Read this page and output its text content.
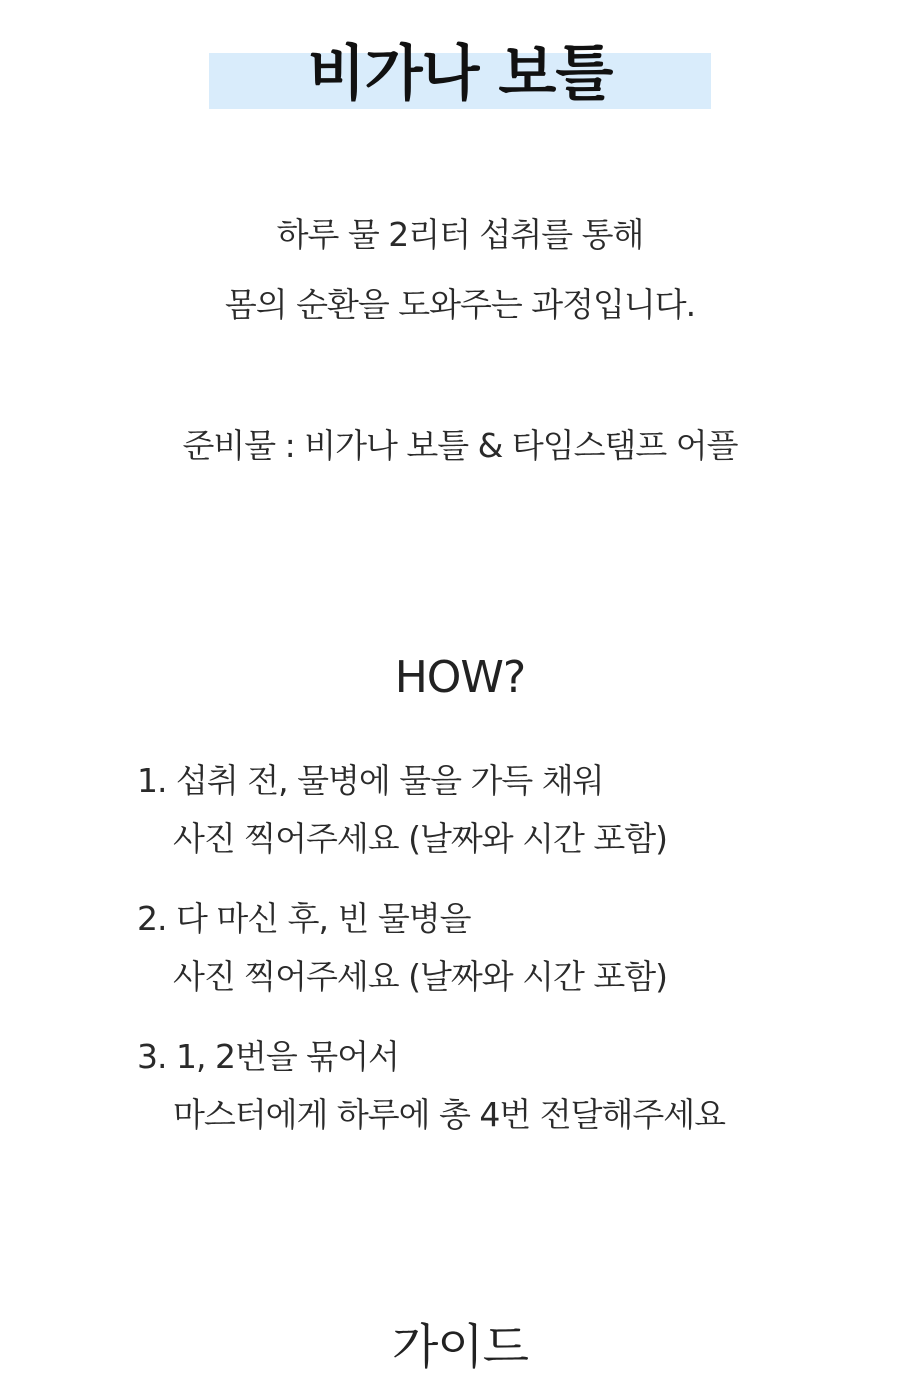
비가나 보틀
하루 물 2리터 섭취를 통해
몸의 순환을 도와주는 과정입니다.
준비물 : 비가나 보틀 & 타임스탬프 어플
HOW?
1. 섭취 전, 물병에 물을 가득 채워
사진 찍어주세요 (날짜와 시간 포함)
2. 다 마신 후, 빈 물병을
사진 찍어주세요 (날짜와 시간 포함)
3. 1, 2번을 묶어서
마스터에게 하루에 총 4번 전달해주세요
가이드
